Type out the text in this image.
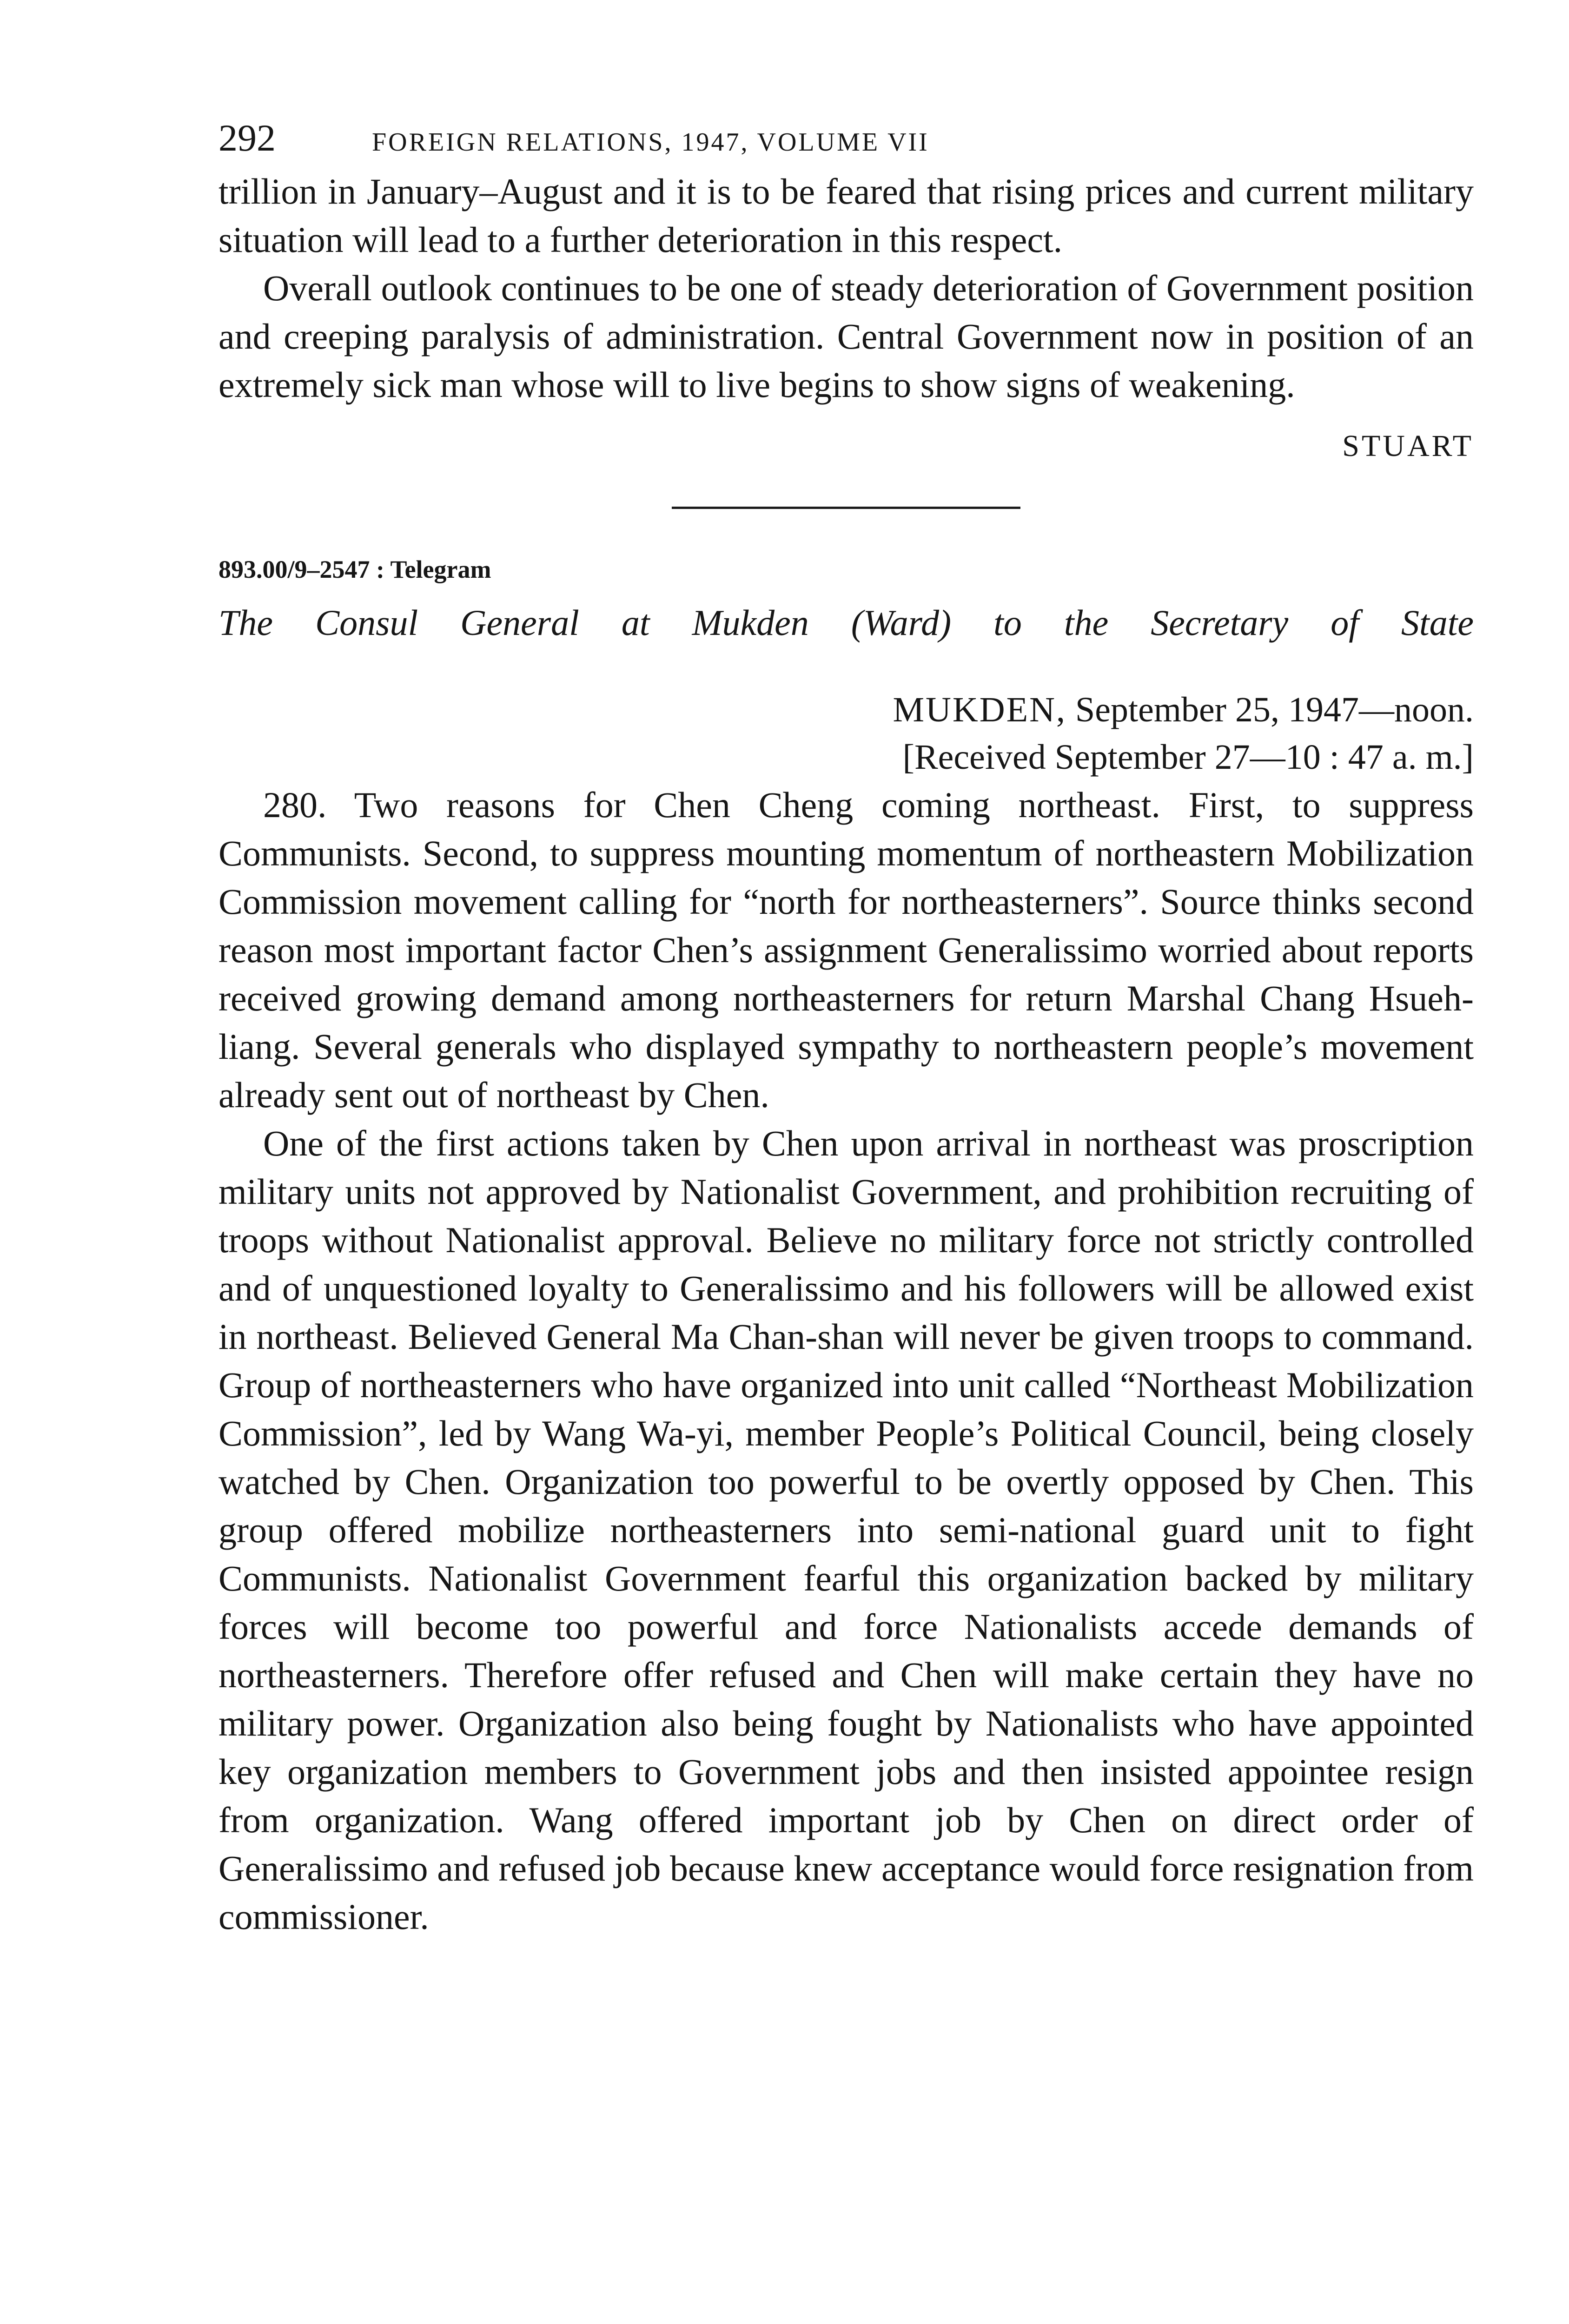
292	FOREIGN RELATIONS, 1947, VOLUME VII

trillion in January–August and it is to be feared that rising prices and current military situation will lead to a further deterioration in this respect.

Overall outlook continues to be one of steady deterioration of Government position and creeping paralysis of administration. Central Government now in position of an extremely sick man whose will to live begins to show signs of weakening.

STUART
893.00/9–2547 : Telegram
The Consul General at Mukden (Ward) to the Secretary of State
MUKDEN, September 25, 1947—noon.
[Received September 27—10 : 47 a. m.]

280. Two reasons for Chen Cheng coming northeast. First, to suppress Communists. Second, to suppress mounting momentum of northeastern Mobilization Commission movement calling for “north for northeasterners”. Source thinks second reason most important factor Chen’s assignment Generalissimo worried about reports received growing demand among northeasterners for return Marshal Chang Hsueh-liang. Several generals who displayed sympathy to northeastern people’s movement already sent out of northeast by Chen.

One of the first actions taken by Chen upon arrival in northeast was proscription military units not approved by Nationalist Government, and prohibition recruiting of troops without Nationalist approval. Believe no military force not strictly controlled and of unquestioned loyalty to Generalissimo and his followers will be allowed exist in northeast. Believed General Ma Chan-shan will never be given troops to command. Group of northeasterners who have organized into unit called “Northeast Mobilization Commission”, led by Wang Wa-yi, member People’s Political Council, being closely watched by Chen. Organization too powerful to be overtly opposed by Chen. This group offered mobilize northeasterners into semi-national guard unit to fight Communists. Nationalist Government fearful this organization backed by military forces will become too powerful and force Nationalists accede demands of northeasterners. Therefore offer refused and Chen will make certain they have no military power. Organization also being fought by Nationalists who have appointed key organization members to Government jobs and then insisted appointee resign from organization. Wang offered important job by Chen on direct order of Generalissimo and refused job because knew acceptance would force resignation from commissioner.
